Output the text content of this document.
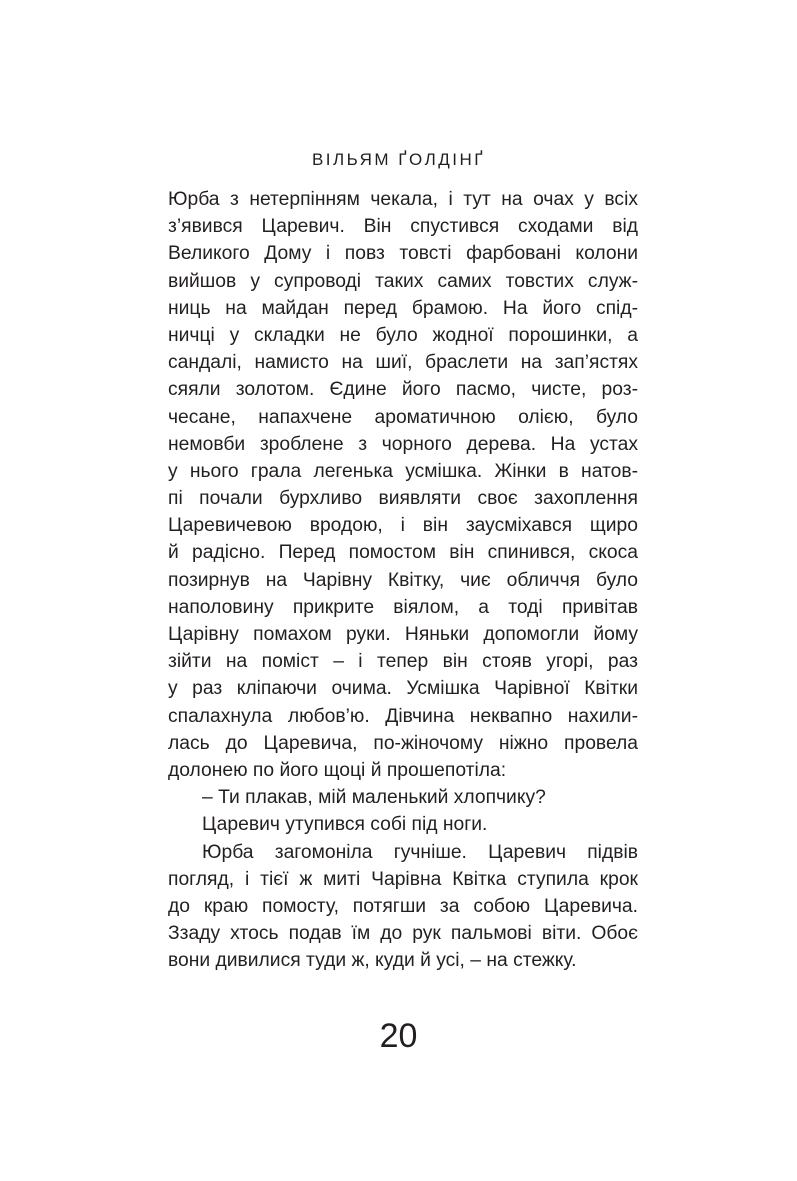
ВІЛЬЯМ ҐОЛДІНҐ
Юрба з нетерпінням чекала, і тут на очах у всіх
з’явився Царевич. Він спустився сходами від
Великого Дому і повз товсті фарбовані колони
вийшов у супроводі таких самих товстих служ-
ниць на майдан перед брамою. На його спід-
ничці у складки не було жодної порошинки, а
сандалі, намисто на шиї, браслети на зап’ястях
сяяли золотом. Єдине його пасмо, чисте, роз-
чесане, напахчене ароматичною олією, було
немовби зроблене з чорного дерева. На устах
у нього грала легенька усмішка. Жінки в натов-
пі почали бурхливо виявляти своє захоплення
Царевичевою вродою, і він заусміхався щиро
й радісно. Перед помостом він спинився, скоса
позирнув на Чарівну Квітку, чиє обличчя було
наполовину прикрите віялом, а тоді привітав
Царівну помахом руки. Няньки допомогли йому
зійти на поміст – і тепер він стояв угорі, раз
у раз кліпаючи очима. Усмішка Чарівної Квітки
спалахнула любов’ю. Дівчина неквапно нахили-
лась до Царевича, по-жіночому ніжно провела
долонею по його щоці й прошепотіла:
– Ти плакав, мій маленький хлопчику?
Царевич утупився собі під ноги.
Юрба загомоніла гучніше. Царевич підвів
погляд, і тієї ж миті Чарівна Квітка ступила крок
до краю помосту, потягши за собою Царевича.
Ззаду хтось подав їм до рук пальмові віти. Обоє
вони дивилися туди ж, куди й усі, – на стежку.
20
